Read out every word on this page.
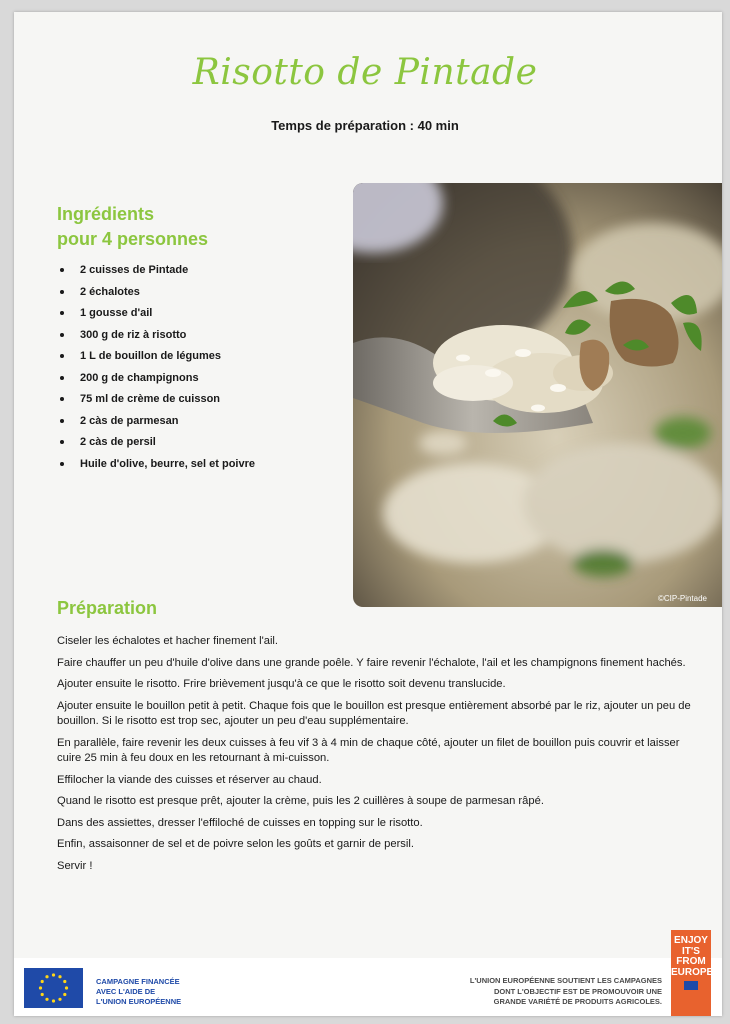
Risotto de Pintade
Temps de préparation : 40 min
Ingrédients
pour 4 personnes
2 cuisses de Pintade
2 échalotes
1 gousse d'ail
300 g de riz à risotto
1 L de bouillon de légumes
200 g de champignons
75 ml de crème de cuisson
2 càs de parmesan
2 càs de persil
Huile d'olive, beurre, sel et poivre
©CIP-Pintade
Préparation

Ciseler les échalotes et hacher finement l'ail.

Faire chauffer un peu d'huile d'olive dans une grande poêle. Y faire revenir l'échalote, l'ail et les champignons finement hachés.

Ajouter ensuite le risotto. Frire brièvement jusqu'à ce que le risotto soit devenu translucide.

Ajouter ensuite le bouillon petit à petit. Chaque fois que le bouillon est presque entièrement absorbé par le riz, ajouter un peu de bouillon. Si le risotto est trop sec, ajouter un peu d'eau supplémentaire.

En parallèle, faire revenir les deux cuisses à feu vif 3 à 4 min de chaque côté, ajouter un filet de bouillon puis couvrir et laisser cuire 25 min à feu doux en les retournant à mi-cuisson.

Effilocher la viande des cuisses et réserver au chaud.

Quand le risotto est presque prêt, ajouter la crème, puis les 2 cuillères à soupe de parmesan râpé.

Dans des assiettes, dresser l'effiloché de cuisses en topping sur le risotto.

Enfin, assaisonner de sel et de poivre selon les goûts et garnir de persil.

Servir !

CAMPAGNE FINANCÉE
AVEC L'AIDE DE
L'UNION EUROPÉENNE
L'UNION EUROPÉENNE SOUTIENT LES CAMPAGNES
DONT L'OBJECTIF EST DE PROMOUVOIR UNE
GRANDE VARIÉTÉ DE PRODUITS AGRICOLES.
ENJOY
IT'S FROM
EUROPE
